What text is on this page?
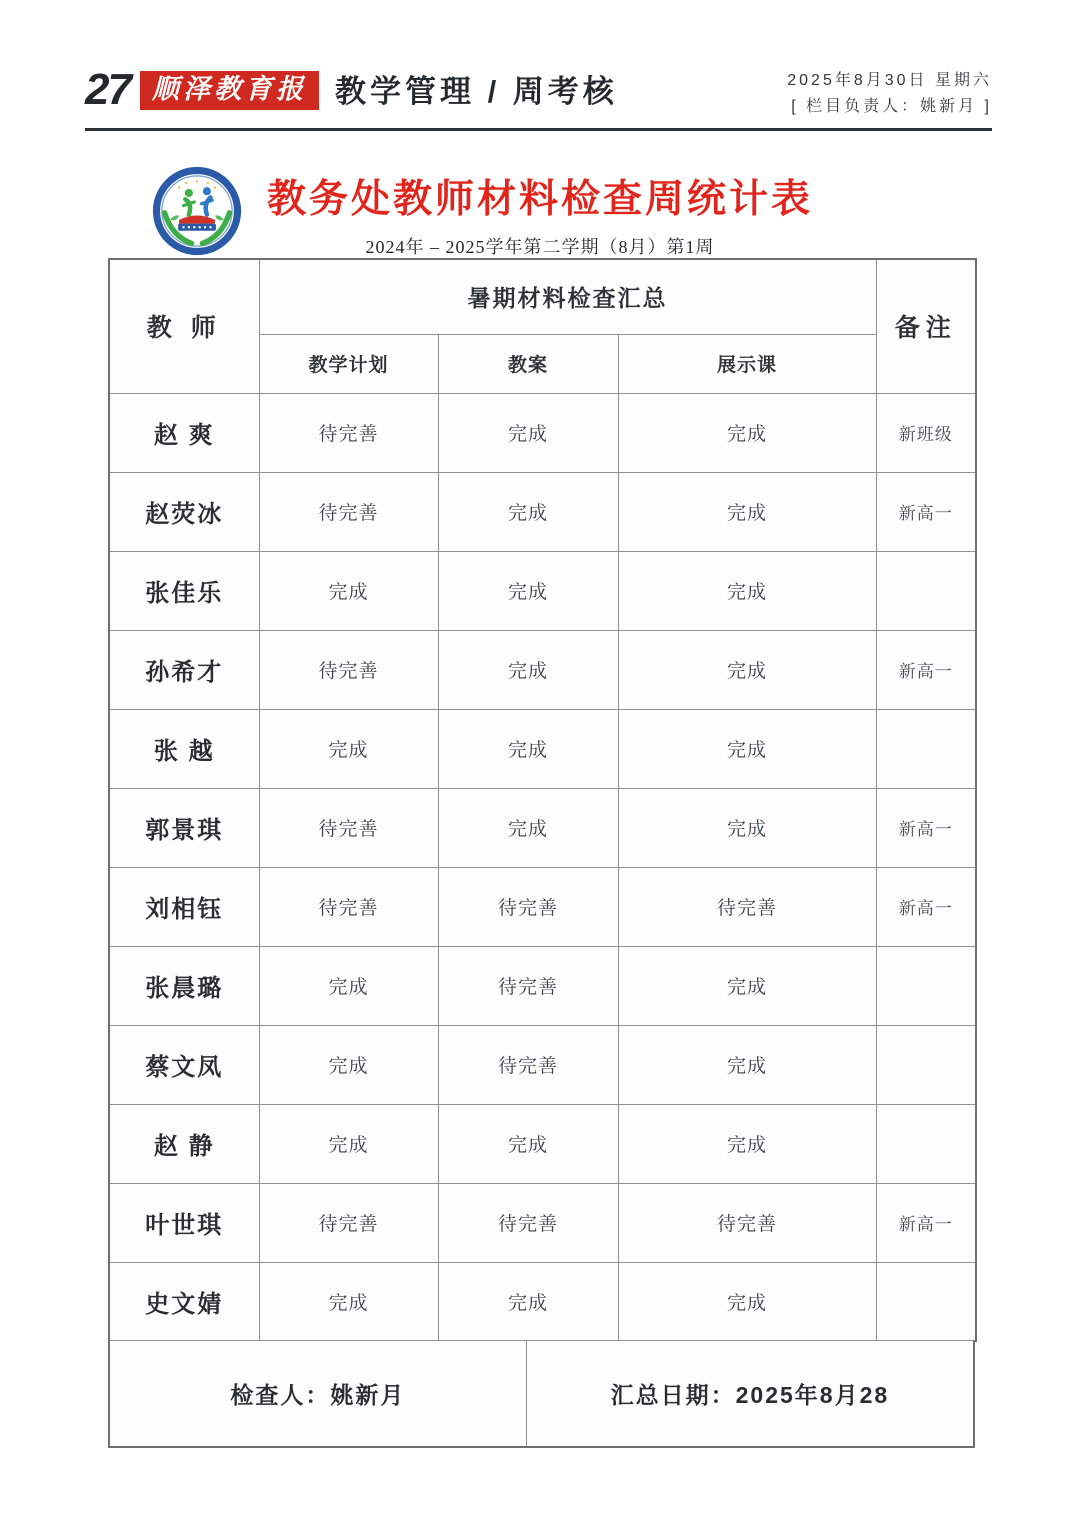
27 顺泽教育报 教学管理 / 周考核	2025年8月30日 星期六
[ 栏目负责人：姚新月 ]
教务处教师材料检查周统计表
2024年 – 2025学年第二学期（8月）第1周
教 师	暑期材料检查汇总			备注
	教学计划	教案	展示课	
赵 爽	待完善	完成	完成	新班级
赵荧冰	待完善	完成	完成	新高一
张佳乐	完成	完成	完成	
孙希才	待完善	完成	完成	新高一
张 越	完成	完成	完成	
郭景琪	待完善	完成	完成	新高一
刘相钰	待完善	待完善	待完善	新高一
张晨璐	完成	待完善	完成	
蔡文凤	完成	待完善	完成	
赵 静	完成	完成	完成	
叶世琪	待完善	待完善	待完善	新高一
史文婧	完成	完成	完成	
检查人：姚新月	汇总日期：2025年8月28
